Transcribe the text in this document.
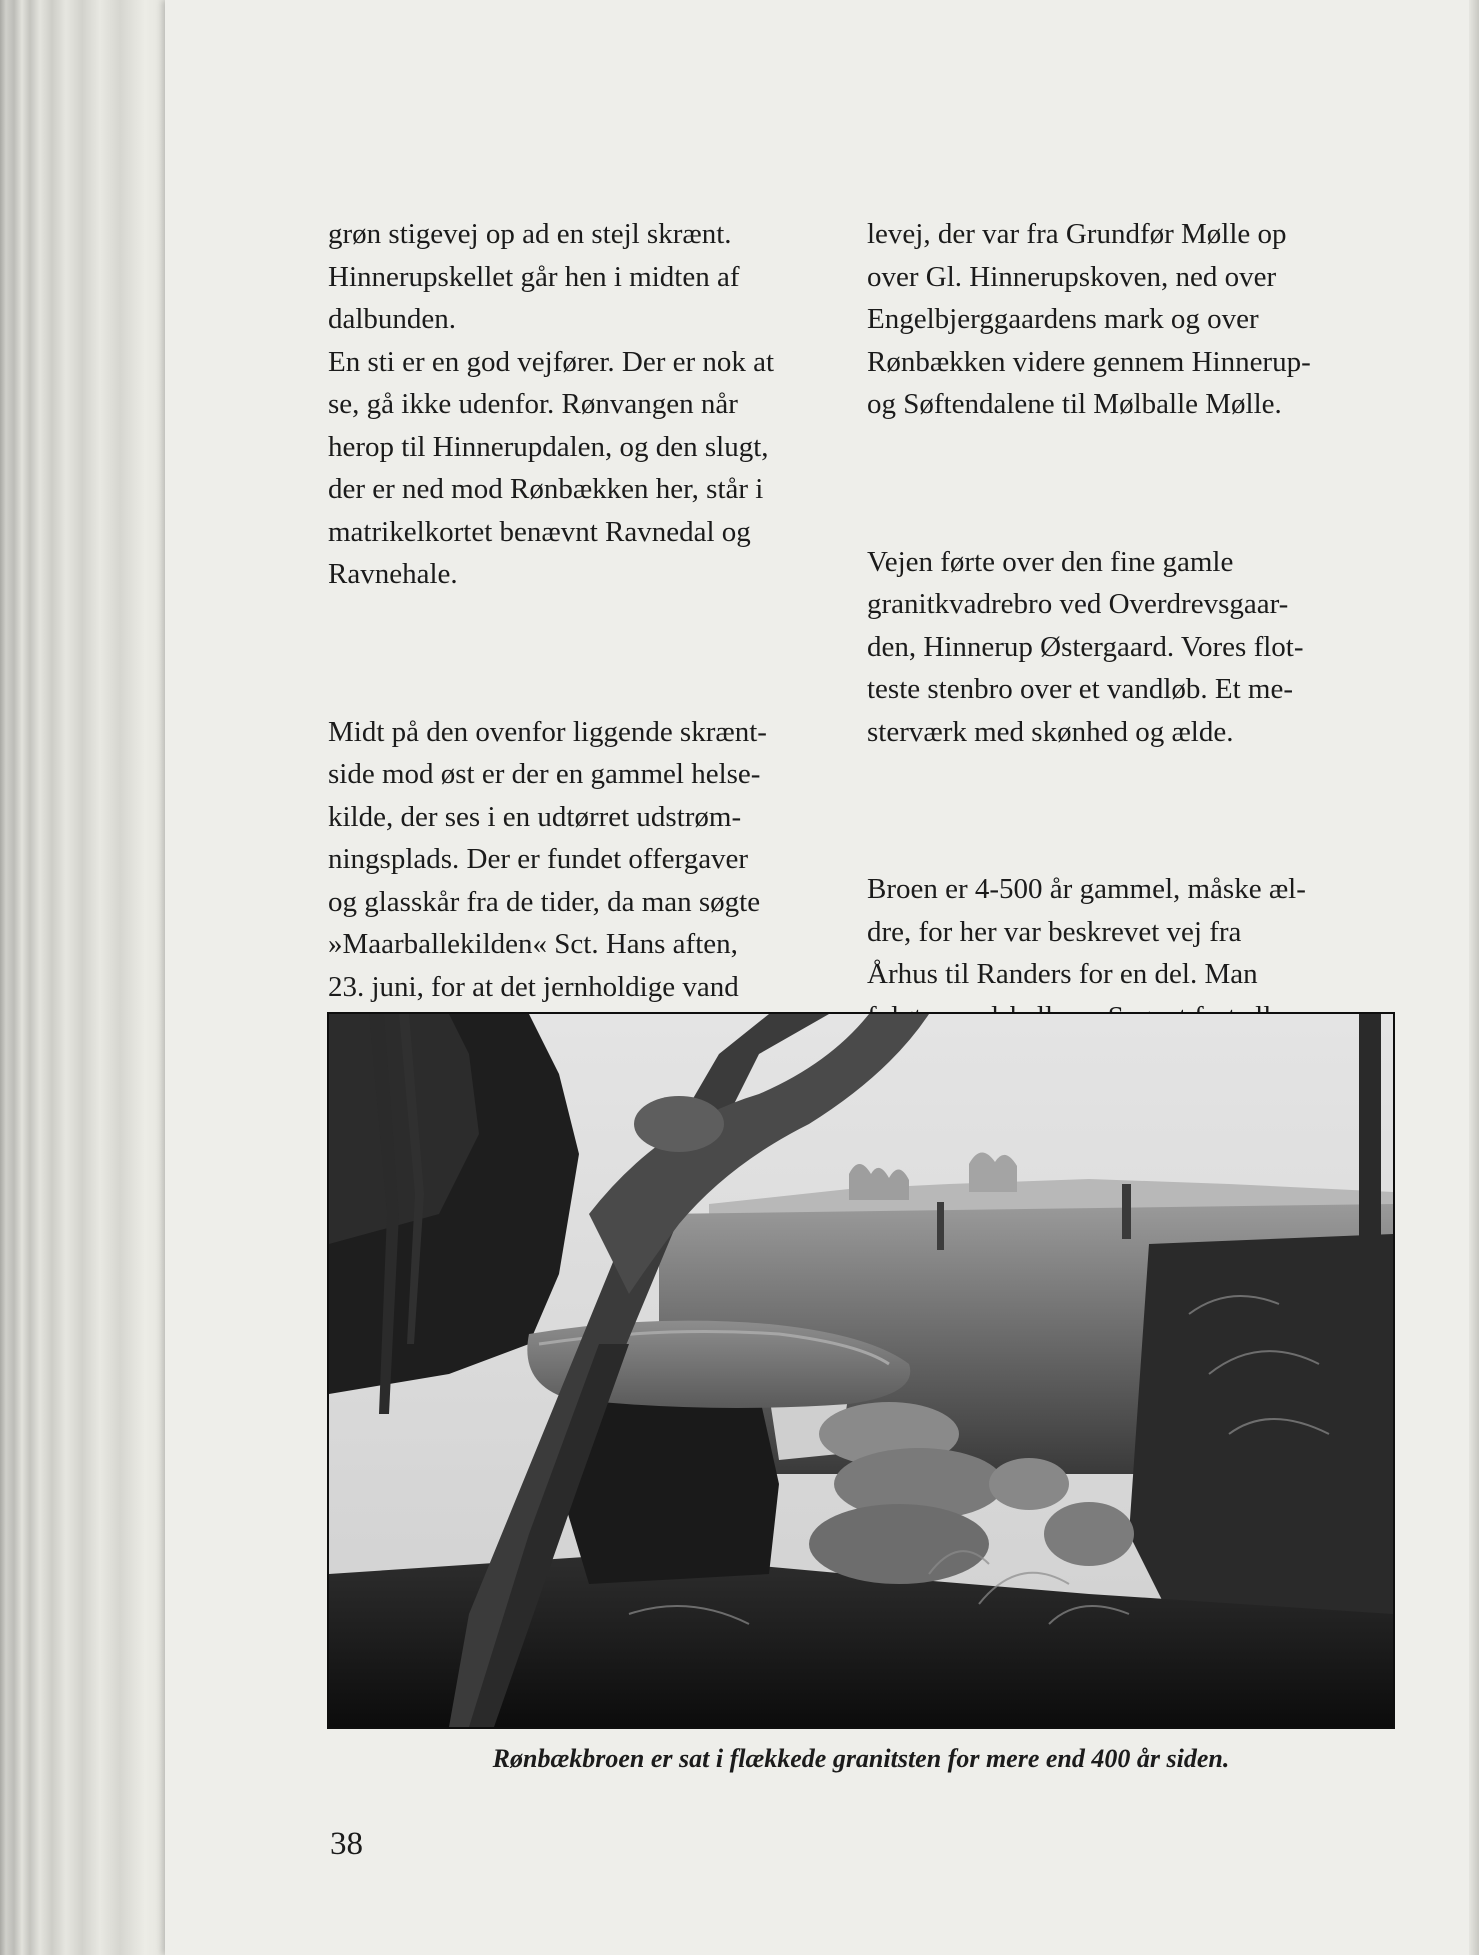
grøn stigevej op ad en stejl skrænt.
Hinnerupskellet går hen i midten af
dalbunden.
En sti er en god vejfører. Der er nok at
se, gå ikke udenfor. Rønvangen når
herop til Hinnerupdalen, og den slugt,
der er ned mod Rønbækken her, står i
matrikelkortet benævnt Ravnedal og
Ravnehale.

Midt på den ovenfor liggende skrænt-
side mod øst er der en gammel helse-
kilde, der ses i en udtørret udstrøm-
ningsplads. Der er fundet offergaver
og glasskår fra de tider, da man søgte
»Maarballekilden« Sct. Hans aften,
23. juni, for at det jernholdige vand

levej, der var fra Grundfør Mølle op
over Gl. Hinnerupskoven, ned over
Engelbjerggaardens mark og over
Rønbækken videre gennem Hinnerup-
og Søftendalene til Mølballe Mølle.

Vejen førte over den fine gamle
granitkvadrebro ved Overdrevsgaar-
den, Hinnerup Østergaard. Vores flot-
teste stenbro over et vandløb. Et me-
sterværk med skønhed og ælde.

Broen er 4-500 år gammel, måske æl-
dre, for her var beskrevet vej fra
Århus til Randers for en del. Man

Rønbækbroen er sat i flækkede granitsten for mere end 400 år siden.
38
